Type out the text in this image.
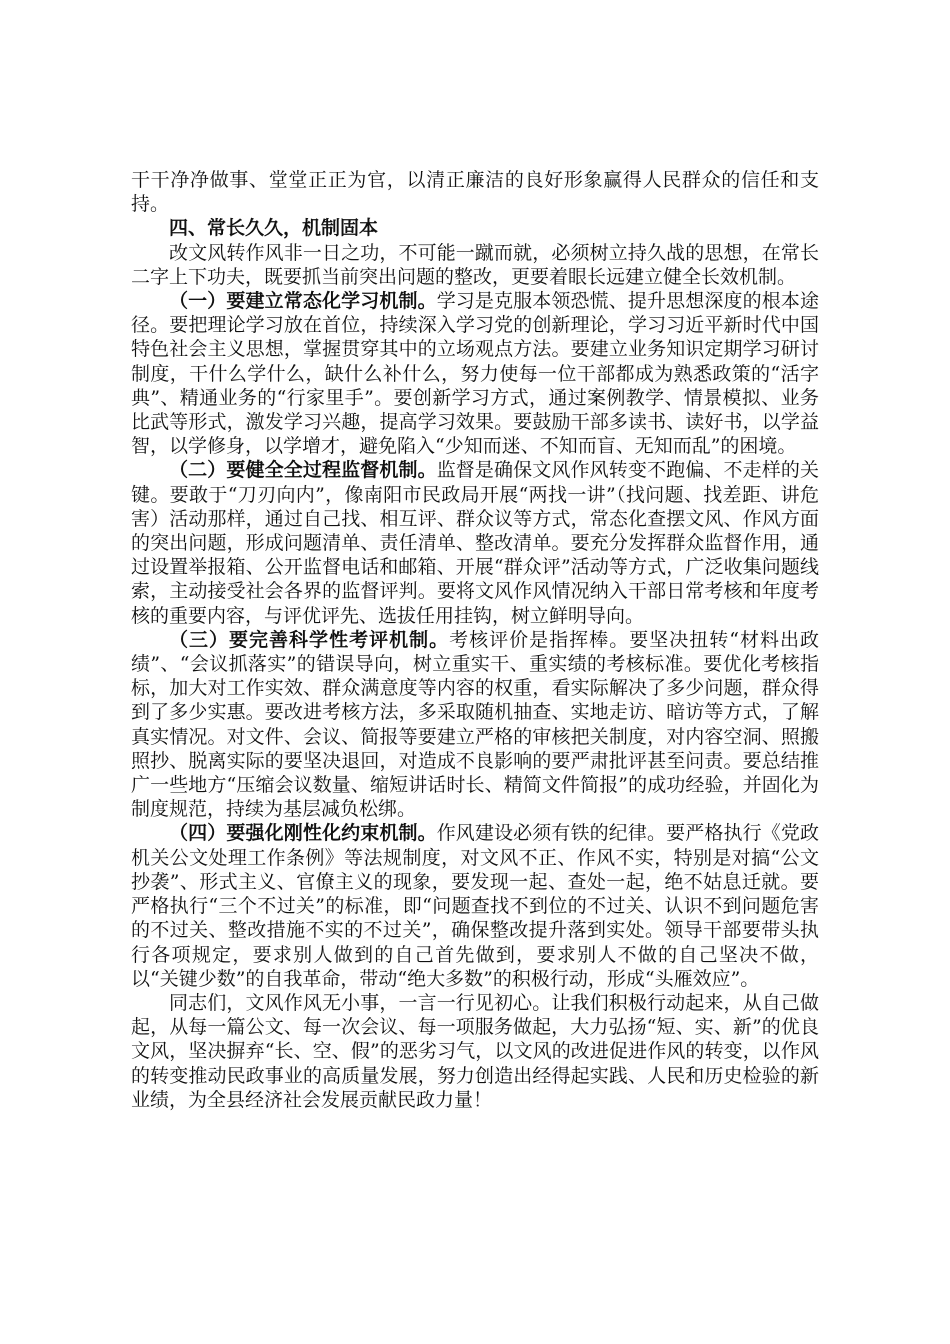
干干净净做事、堂堂正正为官，以清正廉洁的良好形象赢得人民群众的信任和支持。

四、常长久久，机制固本

改文风转作风非一日之功，不可能一蹴而就，必须树立持久战的思想，在常长二字上下功夫，既要抓当前突出问题的整改，更要着眼长远建立健全长效机制。

（一）要建立常态化学习机制。学习是克服本领恐慌、提升思想深度的根本途径。要把理论学习放在首位，持续深入学习党的创新理论，学习习近平新时代中国特色社会主义思想，掌握贯穿其中的立场观点方法。要建立业务知识定期学习研讨制度，干什么学什么，缺什么补什么，努力使每一位干部都成为熟悉政策的“活字典”、精通业务的“行家里手”。要创新学习方式，通过案例教学、情景模拟、业务比武等形式，激发学习兴趣，提高学习效果。要鼓励干部多读书、读好书，以学益智，以学修身，以学增才，避免陷入“少知而迷、不知而盲、无知而乱”的困境。

（二）要健全全过程监督机制。监督是确保文风作风转变不跑偏、不走样的关键。要敢于“刀刃向内”，像南阳市民政局开展“两找一讲”（找问题、找差距、讲危害）活动那样，通过自己找、相互评、群众议等方式，常态化查摆文风、作风方面的突出问题，形成问题清单、责任清单、整改清单。要充分发挥群众监督作用，通过设置举报箱、公开监督电话和邮箱、开展“群众评”活动等方式，广泛收集问题线索，主动接受社会各界的监督评判。要将文风作风情况纳入干部日常考核和年度考核的重要内容，与评优评先、选拔任用挂钩，树立鲜明导向。

（三）要完善科学性考评机制。考核评价是指挥棒。要坚决扭转“材料出政绩”、“会议抓落实”的错误导向，树立重实干、重实绩的考核标准。要优化考核指标，加大对工作实效、群众满意度等内容的权重，看实际解决了多少问题，群众得到了多少实惠。要改进考核方法，多采取随机抽查、实地走访、暗访等方式，了解真实情况。对文件、会议、简报等要建立严格的审核把关制度，对内容空洞、照搬照抄、脱离实际的要坚决退回，对造成不良影响的要严肃批评甚至问责。要总结推广一些地方“压缩会议数量、缩短讲话时长、精简文件简报”的成功经验，并固化为制度规范，持续为基层减负松绑。

（四）要强化刚性化约束机制。作风建设必须有铁的纪律。要严格执行《党政机关公文处理工作条例》等法规制度，对文风不正、作风不实，特别是对搞“公文抄袭”、形式主义、官僚主义的现象，要发现一起、查处一起，绝不姑息迁就。要严格执行“三个不过关”的标准，即“问题查找不到位的不过关、认识不到问题危害的不过关、整改措施不实的不过关”，确保整改提升落到实处。领导干部要带头执行各项规定，要求别人做到的自己首先做到，要求别人不做的自己坚决不做，以“关键少数”的自我革命，带动“绝大多数”的积极行动，形成“头雁效应”。

同志们，文风作风无小事，一言一行见初心。让我们积极行动起来，从自己做起，从每一篇公文、每一次会议、每一项服务做起，大力弘扬“短、实、新”的优良文风，坚决摒弃“长、空、假”的恶劣习气，以文风的改进促进作风的转变，以作风的转变推动民政事业的高质量发展，努力创造出经得起实践、人民和历史检验的新业绩，为全县经济社会发展贡献民政力量！
